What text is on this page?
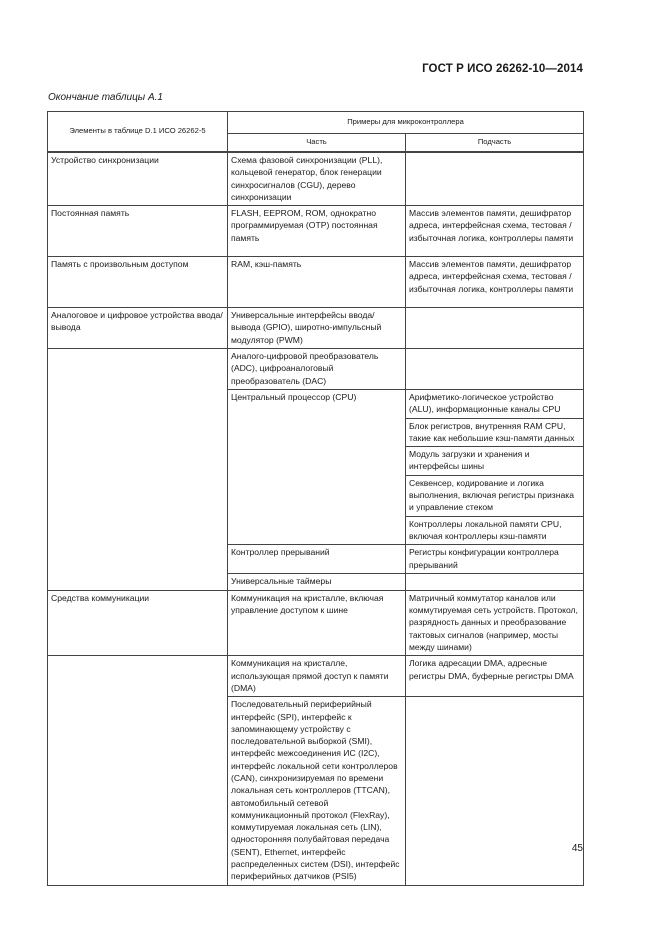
ГОСТ Р ИСО 26262-10—2014
Окончание таблицы А.1
Элементы в таблице D.1 ИСО 26262-5	Примеры для микроконтроллера	
	Часть	Подчасть
Устройство синхронизации	Схема фазовой синхронизации (PLL), кольцевой генератор, блок генерации синхросигналов (CGU), дерево синхронизации	
Постоянная память	FLASH, EEPROM, ROM, однократно программируемая (OTP) постоянная память	Массив элементов памяти, дешифратор адреса, интерфейсная схема, тестовая / избыточная логика, контроллеры памяти
Память с произвольным доступом	RAM, кэш-память	Массив элементов памяти, дешифратор адреса, интерфейсная схема, тестовая / избыточная логика, контроллеры памяти
Аналоговое и цифровое устройства ввода/вывода	Универсальные интерфейсы ввода/вывода (GPIO), широтно-импульсный модулятор (PWM)	
	Аналого-цифровой преобразователь (ADC), цифроаналоговый преобразователь (DAC)	
	Центральный процессор (CPU)	Арифметико-логическое устройство (ALU), информационные каналы CPU
		Блок регистров, внутренняя RAM CPU, такие как небольшие кэш-памяти данных
		Модуль загрузки и хранения и интерфейсы шины
		Секвенсер, кодирование и логика выполнения, включая регистры признака и управление стеком
		Контроллеры локальной памяти CPU, включая контроллеры кэш-памяти
	Контроллер прерываний	Регистры конфигурации контроллера прерываний
	Универсальные таймеры	
Средства коммуникации	Коммуникация на кристалле, включая управление доступом к шине	Матричный коммутатор каналов или коммутируемая сеть устройств. Протокол, разрядность данных и преобразование тактовых сигналов (например, мосты между шинами)
	Коммуникация на кристалле, использующая прямой доступ к памяти (DMA)	Логика адресации DMA, адресные регистры DMA, буферные регистры DMA
	Последовательный периферийный интерфейс (SPI), интерфейс к запоминающему устройству с последовательной выборкой (SMI), интерфейс межсоединения ИС (I2C), интерфейс локальной сети контроллеров (CAN), синхронизируемая по времени локальная сеть контроллеров (TTCAN), автомобильный сетевой коммуникационный протокол (FlexRay), коммутируемая локальная сеть (LIN), односторонняя полубайтовая передача (SENT), Ethernet, интерфейс распределенных систем (DSI), интерфейс периферийных датчиков (PSI5)	
45
